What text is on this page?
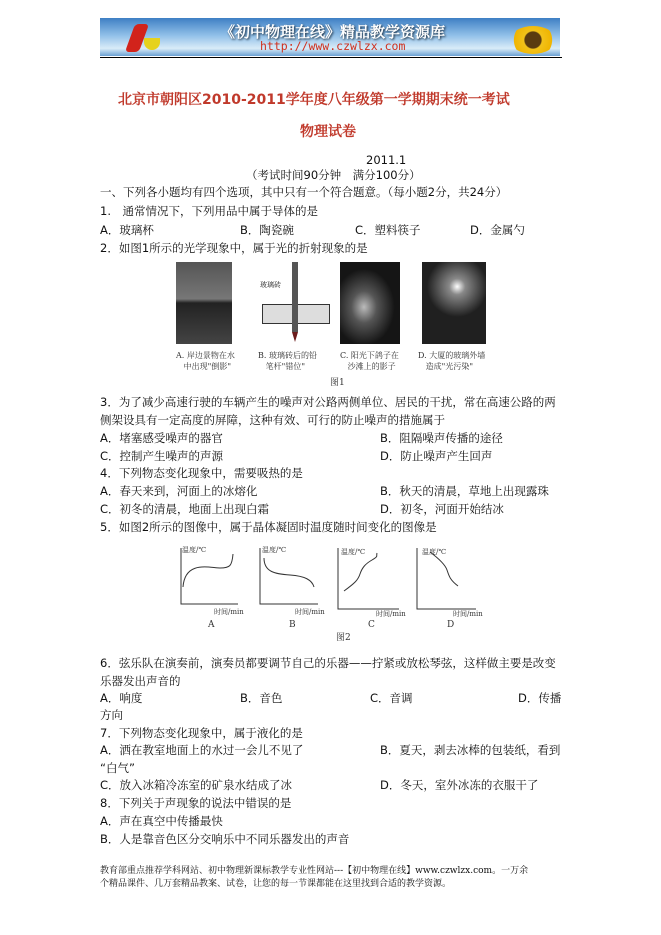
《初中物理在线》精品教学资源库
http://www.czwlzx.com
北京市朝阳区2010-2011学年度八年级第一学期期末统一考试
物理试卷
2011.1
（考试时间90分钟　满分100分）
一、下列各小题均有四个选项，其中只有一个符合题意。（每小题2分，共24分）
1.　通常情况下，下列用品中属于导体的是
A．玻璃杯	B．陶瓷碗	C．塑料筷子	D．金属勺
2．如图1所示的光学现象中，属于光的折射现象的是
玻璃砖
A. 岸边景物在水
中出现"倒影"
B. 玻璃砖后的铅
笔杆"错位"
C. 阳光下鸽子在
沙滩上的影子
D. 大厦的玻璃外墙
造成"光污染"
图1
3．为了减少高速行驶的车辆产生的噪声对公路两侧单位、居民的干扰，常在高速公路的两
侧架设具有一定高度的屏障，这种有效、可行的防止噪声的措施属于
A．堵塞感受噪声的器官	B．阻隔噪声传播的途径
C．控制产生噪声的声源	D．防止噪声产生回声
4．下列物态变化现象中，需要吸热的是
A．春天来到，河面上的冰熔化	B．秋天的清晨，草地上出现露珠
C．初冬的清晨，地面上出现白霜	D．初冬，河面开始结冰
5．如图2所示的图像中，属于晶体凝固时温度随时间变化的图像是
温度/℃	温度/℃	温度/℃	温度/℃
时间/min	时间/min	时间/min	时间/min
A	B	C	D
图2
6．弦乐队在演奏前，演奏员都要调节自己的乐器——拧紧或放松琴弦，这样做主要是改变
乐器发出声音的
A．响度	B．音色	C．音调	D．传播
方向
7．下列物态变化现象中，属于液化的是
A．洒在教室地面上的水过一会儿不见了	B．夏天，剥去冰棒的包装纸，看到
“白气”
C．放入冰箱冷冻室的矿泉水结成了冰	D．冬天，室外冰冻的衣服干了
8．下列关于声现象的说法中错误的是
A．声在真空中传播最快
B．人是靠音色区分交响乐中不同乐器发出的声音
教育部重点推荐学科网站、初中物理新课标教学专业性网站---【初中物理在线】www.czwlzx.com。一万余
个精品课件、几万套精品教案、试卷，让您的每一节课都能在这里找到合适的教学资源。
